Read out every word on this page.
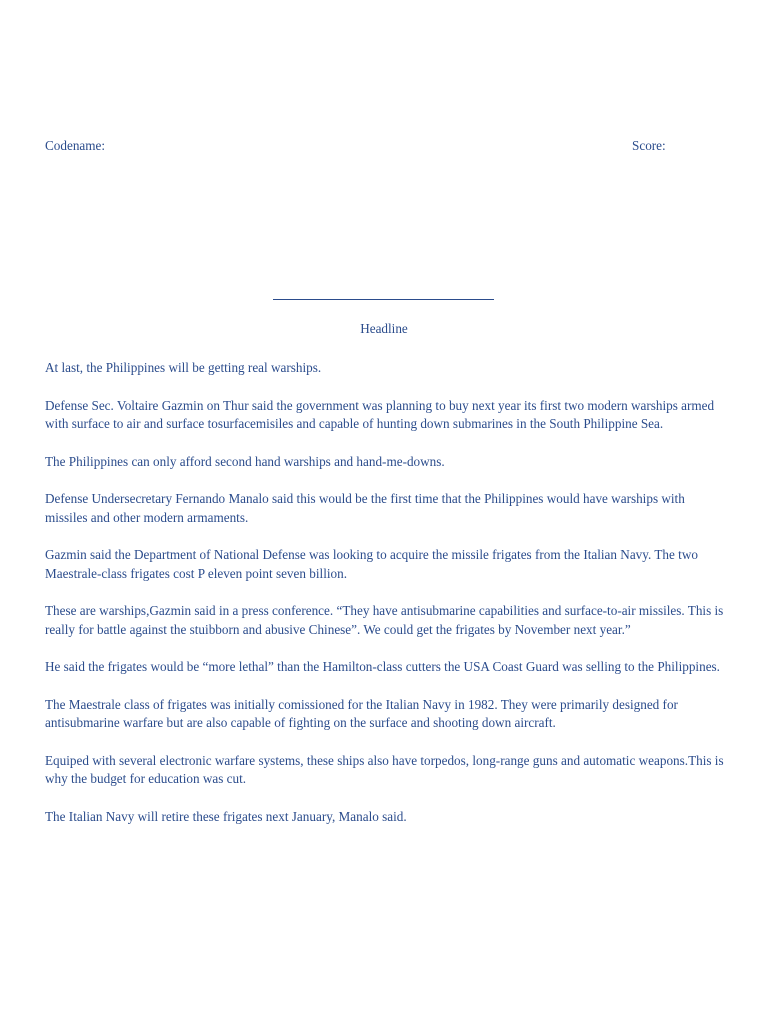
Codename:	Score:
Headline

At last, the Philippines will be getting real warships.

Defense Sec. Voltaire Gazmin on Thur said the government was planning to buy next year its first two modern warships armed with surface to air and surface tosurfacemisiles and capable of hunting down submarines in the South Philippine Sea.

The Philippines can only afford second hand warships and hand-me-downs.

Defense Undersecretary Fernando Manalo said this would be the first time that the Philippines would have warships with missiles and other modern armaments.

Gazmin said the Department of National Defense was looking to acquire the missile frigates from the Italian Navy. The two Maestrale-class frigates cost P eleven point seven billion.

These are warships,Gazmin said in a press conference. “They have antisubmarine capabilities and surface-to-air missiles. This is really for battle against the stuibborn and abusive Chinese”. We could get the frigates by November next year.”

He said the frigates would be “more lethal” than the Hamilton-class cutters the USA Coast Guard was selling to the Philippines.

The Maestrale class of frigates was initially comissioned for the Italian Navy in 1982. They were primarily designed for antisubmarine warfare but are also capable of fighting on the surface and shooting down aircraft.

Equiped with several electronic warfare systems, these ships also have torpedos, long-range guns and automatic weapons.This is why the budget for education was cut.

The Italian Navy will retire these frigates next January, Manalo said.
